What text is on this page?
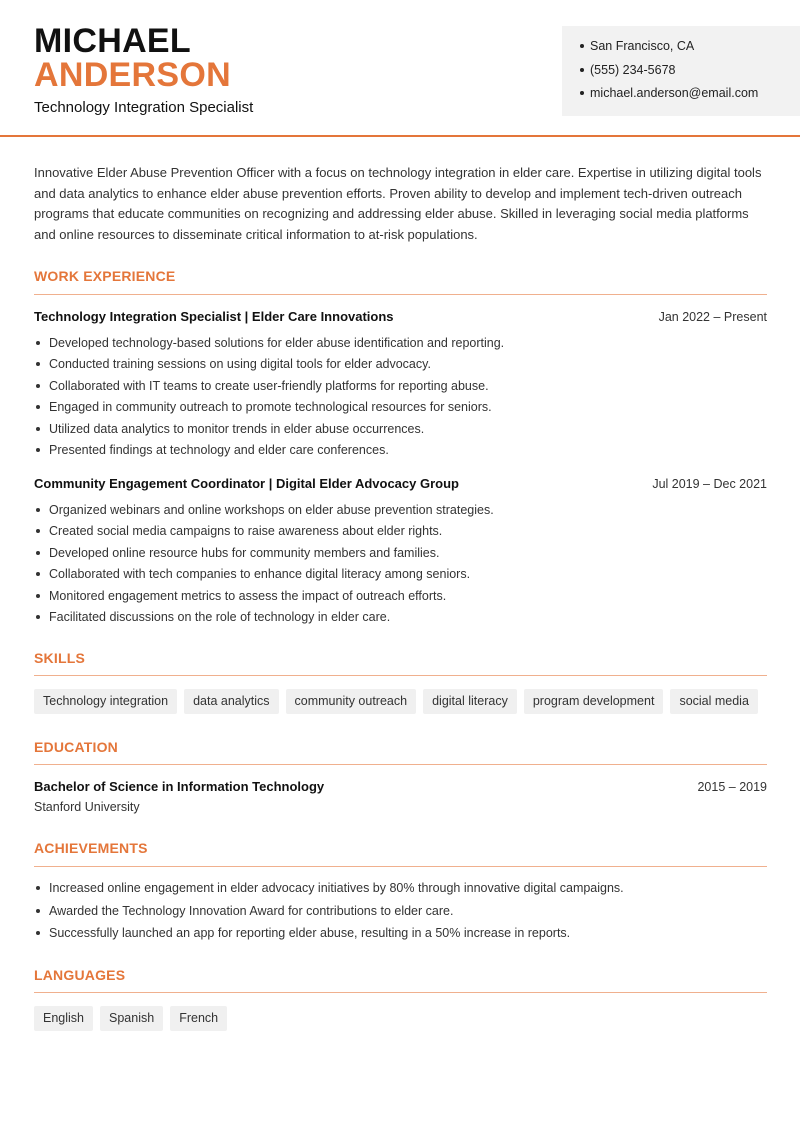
MICHAEL
ANDERSON
Technology Integration Specialist
San Francisco, CA
(555) 234-5678
michael.anderson@email.com

Innovative Elder Abuse Prevention Officer with a focus on technology integration in elder care. Expertise in utilizing digital tools and data analytics to enhance elder abuse prevention efforts. Proven ability to develop and implement tech-driven outreach programs that educate communities on recognizing and addressing elder abuse. Skilled in leveraging social media platforms and online resources to disseminate critical information to at-risk populations.

WORK EXPERIENCE
Technology Integration Specialist | Elder Care Innovations	Jan 2022 – Present
Developed technology-based solutions for elder abuse identification and reporting.
Conducted training sessions on using digital tools for elder advocacy.
Collaborated with IT teams to create user-friendly platforms for reporting abuse.
Engaged in community outreach to promote technological resources for seniors.
Utilized data analytics to monitor trends in elder abuse occurrences.
Presented findings at technology and elder care conferences.
Community Engagement Coordinator | Digital Elder Advocacy Group	Jul 2019 – Dec 2021
Organized webinars and online workshops on elder abuse prevention strategies.
Created social media campaigns to raise awareness about elder rights.
Developed online resource hubs for community members and families.
Collaborated with tech companies to enhance digital literacy among seniors.
Monitored engagement metrics to assess the impact of outreach efforts.
Facilitated discussions on the role of technology in elder care.
SKILLS
Technology integration	data analytics	community outreach	digital literacy	program development	social media
EDUCATION
Bachelor of Science in Information Technology	2015 – 2019
Stanford University
ACHIEVEMENTS
Increased online engagement in elder advocacy initiatives by 80% through innovative digital campaigns.
Awarded the Technology Innovation Award for contributions to elder care.
Successfully launched an app for reporting elder abuse, resulting in a 50% increase in reports.
LANGUAGES
English	Spanish	French
